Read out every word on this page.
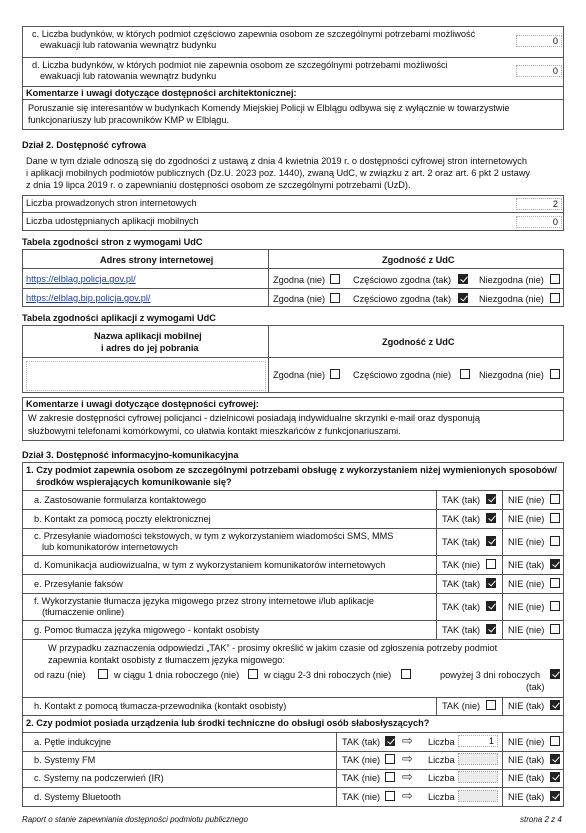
c. Liczba budynków, w których podmiot częściowo zapewnia osobom ze szczególnymi potrzebami możliwość
ewakuacji lub ratowania wewnątrz budynku	0
d. Liczba budynków, w których podmiot nie zapewnia osobom ze szczególnymi potrzebami możliwości
ewakuacji lub ratowania wewnątrz budynku	0
Komentarze i uwagi dotyczące dostępności architektonicznej:
Poruszanie się interesantów w budynkach Komendy Miejskiej Policji w Elblągu odbywa się z wyłącznie w towarzystwie
funkcjonariuszy lub pracowników KMP w Elblągu.
Dział 2. Dostępność cyfrowa
Dane w tym dziale odnoszą się do zgodności z ustawą z dnia 4 kwietnia 2019 r. o dostępności cyfrowej stron internetowych
i aplikacji mobilnych podmiotów publicznych (Dz.U. 2023 poz. 1440), zwaną UdC, w związku z art. 2 oraz art. 6 pkt 2 ustawy
z dnia 19 lipca 2019 r. o zapewnianiu dostępności osobom ze szczególnymi potrzebami (UzD).
Liczba prowadzonych stron internetowych	2
Liczba udostępnianych aplikacji mobilnych	0
Tabela zgodności stron z wymogami UdC
Adres strony internetowej	Zgodność z UdC
https://elblag.policja.gov.pl/	Zgodna (nie)	Częściowo zgodna (tak)	Niezgodna (nie)
https://elblag.bip.policja.gov.pl/	Zgodna (nie)	Częściowo zgodna (tak)	Niezgodna (nie)
Tabela zgodności aplikacji z wymogami UdC
Nazwa aplikacji mobilnej
i adres do jej pobrania
Zgodność z UdC
Zgodna (nie)	Częściowo zgodna (nie)	Niezgodna (nie)
Komentarze i uwagi dotyczące dostępności cyfrowej:
W zakresie dostępności cyfrowej policjanci - dzielnicowi posiadają indywidualne skrzynki e-mail oraz dysponują
służbowymi telefonami komórkowymi, co ułatwia kontakt mieszkańców z funkcjonariuszami.
Dział 3. Dostępność informacyjno-komunikacyjna
1. Czy podmiot zapewnia osobom ze szczególnymi potrzebami obsługę z wykorzystaniem niżej wymienionych sposobów/
środków wspierających komunikowanie się?
a. Zastosowanie formularza kontaktowego	TAK (tak)	NIE (nie)
b. Kontakt za pomocą poczty elektronicznej	TAK (tak)	NIE (nie)
c. Przesyłanie wiadomości tekstowych, w tym z wykorzystaniem wiadomości SMS, MMS
lub komunikatorów internetowych	TAK (tak)	NIE (nie)
d. Komunikacja audiowizualna, w tym z wykorzystaniem komunikatorów internetowych	TAK (nie)	NIE (tak)
e. Przesyłanie faksów	TAK (tak)	NIE (nie)
f. Wykorzystanie tłumacza języka migowego przez strony internetowe i/lub aplikacje
(tłumaczenie online)	TAK (tak)	NIE (nie)
g. Pomoc tłumacza języka migowego - kontakt osobisty	TAK (tak)	NIE (nie)
W przypadku zaznaczenia odpowiedzi „TAK” - prosimy określić w jakim czasie od zgłoszenia potrzeby podmiot
zapewnia kontakt osobisty z tłumaczem języka migowego:
od razu (nie)	w ciągu 1 dnia roboczego (nie)	w ciągu 2-3 dni roboczych (nie)	powyżej 3 dni roboczych
(tak)
h. Kontakt z pomocą tłumacza-przewodnika (kontakt osobisty)	TAK (nie)	NIE (tak)
2. Czy podmiot posiada urządzenia lub środki techniczne do obsługi osób słabosłyszących?
a. Pętle indukcyjne	TAK (tak) ⇨ Liczba	1	NIE (nie)
b. Systemy FM	TAK (nie) ⇨ Liczba	NIE (tak)
c. Systemy na podczerwień (IR)	TAK (nie) ⇨ Liczba	NIE (tak)
d. Systemy Bluetooth	TAK (nie) ⇨ Liczba	NIE (tak)
Raport o stanie zapewniania dostępności podmiotu publicznego	strona 2 z 4
